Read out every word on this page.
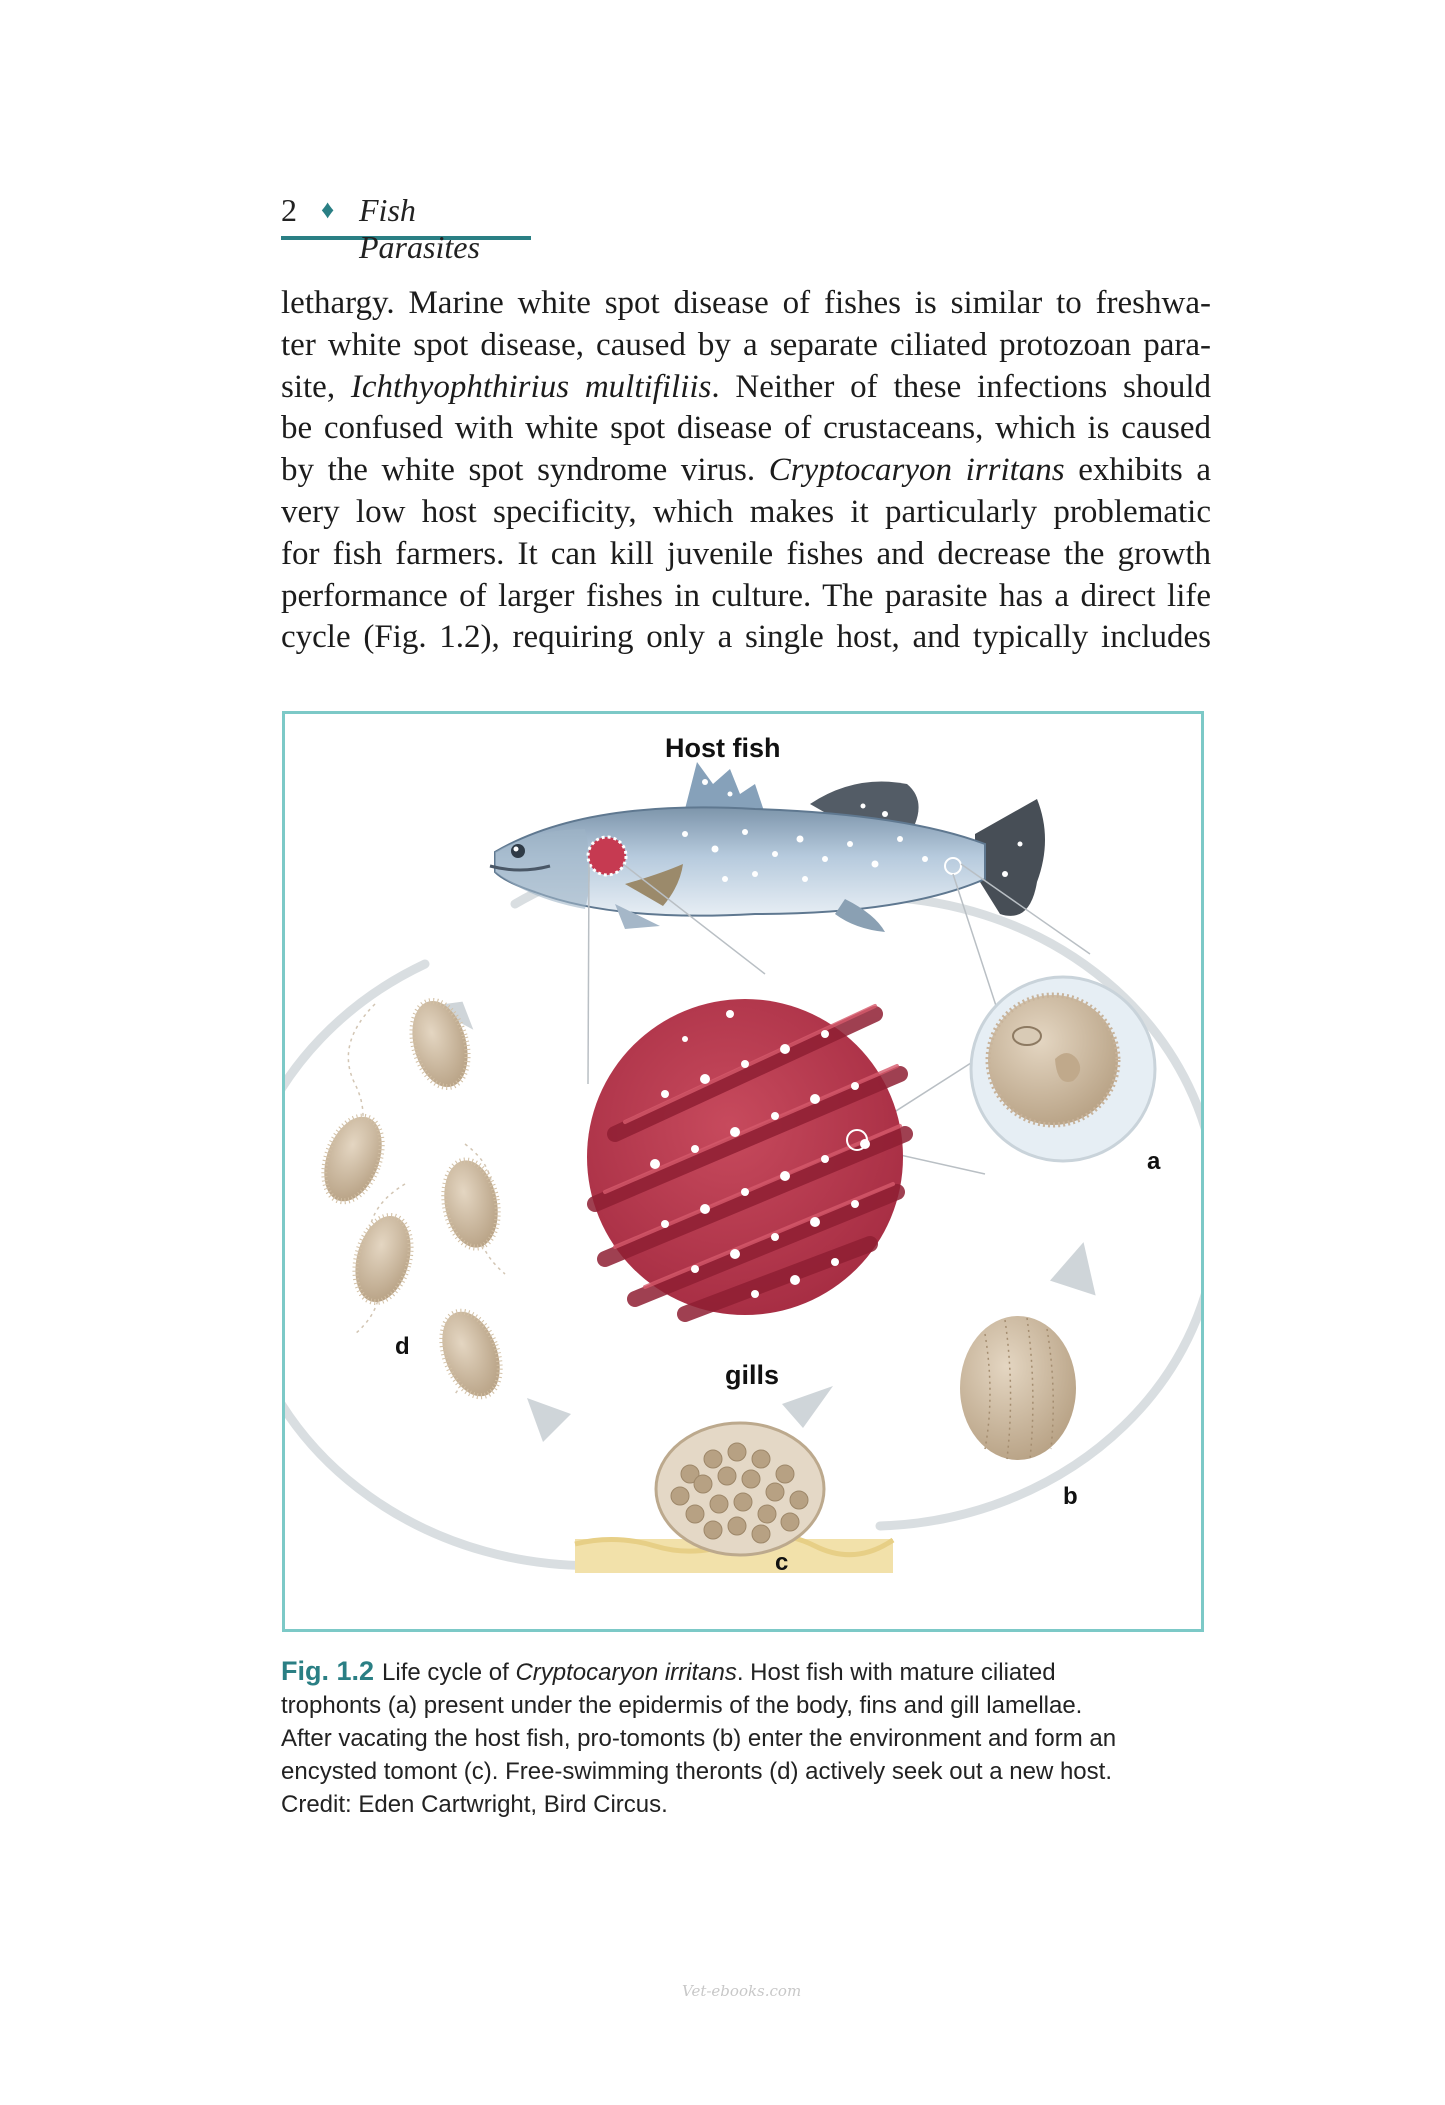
2 ♦ Fish Parasites
lethargy. Marine white spot disease of fishes is similar to freshwa-
ter white spot disease, caused by a separate ciliated protozoan para-
site, Ichthyophthirius multifiliis. Neither of these infections should
be confused with white spot disease of crustaceans, which is caused
by the white spot syndrome virus. Cryptocaryon irritans exhibits a
very low host specificity, which makes it particularly problematic
for fish farmers. It can kill juvenile fishes and decrease the growth
performance of larger fishes in culture. The parasite has a direct life
cycle (Fig. 1.2), requiring only a single host, and typically includes
Host fish
gills
a
b
c
d
Fig. 1.2 Life cycle of Cryptocaryon irritans. Host fish with mature ciliated
trophonts (a) present under the epidermis of the body, fins and gill lamellae.
After vacating the host fish, pro-tomonts (b) enter the environment and form an
encysted tomont (c). Free-swimming theronts (d) actively seek out a new host.
Credit: Eden Cartwright, Bird Circus.
Vet-ebooks.com
